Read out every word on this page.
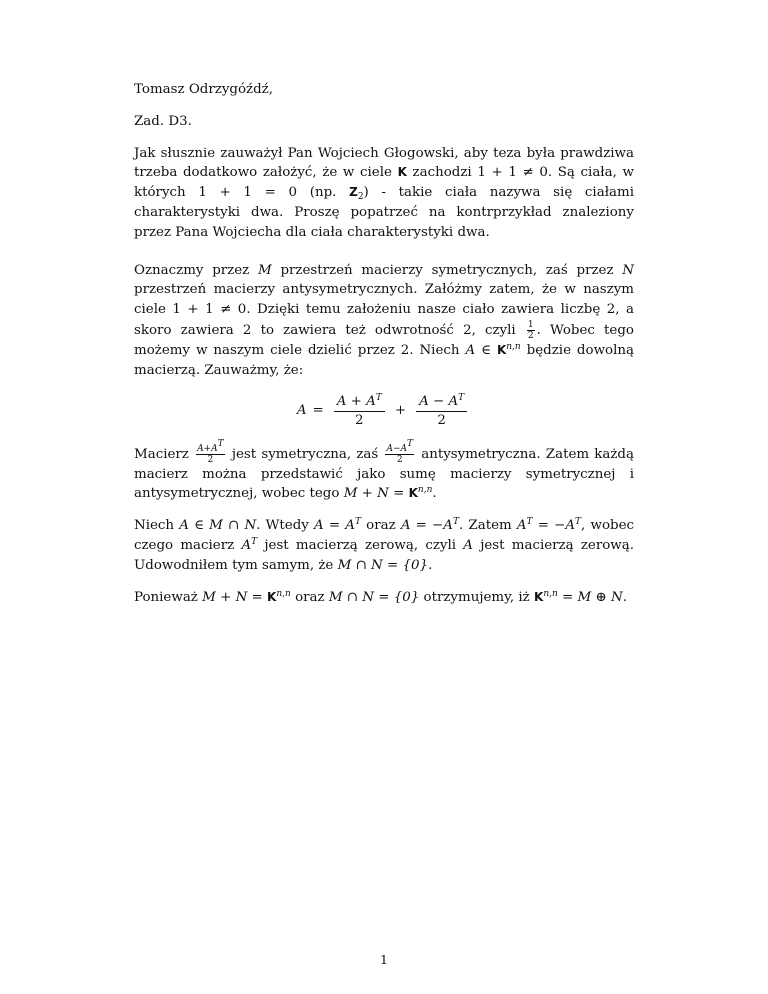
Tomasz Odrzygóźdź,

Zad. D3.

Jak słusznie zauważył Pan Wojciech Głogowski, aby teza była prawdziwa trzeba dodatkowo założyć, że w ciele K zachodzi 1 + 1 ≠ 0. Są ciała, w których 1 + 1 = 0 (np. $Z_2$) - takie ciała nazywa się ciałami charakterystyki dwa. Proszę popatrzeć na kontrprzykład znaleziony przez Pana Wojciecha dla ciała charakterystyki dwa.

Oznaczmy przez M przestrzeń macierzy symetrycznych, zaś przez N przestrzeń macierzy antysymetrycznych. Załóżmy zatem, że w naszym ciele 1 + 1 ≠ 0. Dzięki temu założeniu nasze ciało zawiera liczbę 2, a skoro zawiera 2 to zawiera też odwrotność 2, czyli $\frac{1}{2}$ . Wobec tego możemy w naszym ciele dzielić przez 2. Niech A ∈ K$^{n,n}$ będzie dowolną macierzą. Zauważmy, że:

$A = \frac{A + A^T}{2} + \frac{A - A^T}{2}$

Macierz $\frac{A+A^T}{2}$ jest symetryczna, zaś $\frac{A-A^T}{2}$ antysymetryczna. Zatem każdą macierz można przedstawić jako sumę macierzy symetrycznej i antysymetrycznej, wobec tego M + N = K$^{n,n}$.

Niech A ∈ M ∩ N. Wtedy $A = A^T$ oraz $A = -A^T$. Zatem $A^T = -A^T$, wobec czego macierz $A^T$ jest macierzą zerową, czyli A jest macierzą zerową. Udowodniłem tym samym, że M ∩ N = {0}.

Ponieważ M + N = K$^{n,n}$ oraz M ∩ N = {0} otrzymujemy, iż K$^{n,n}$ = M ⊕ N.

1
